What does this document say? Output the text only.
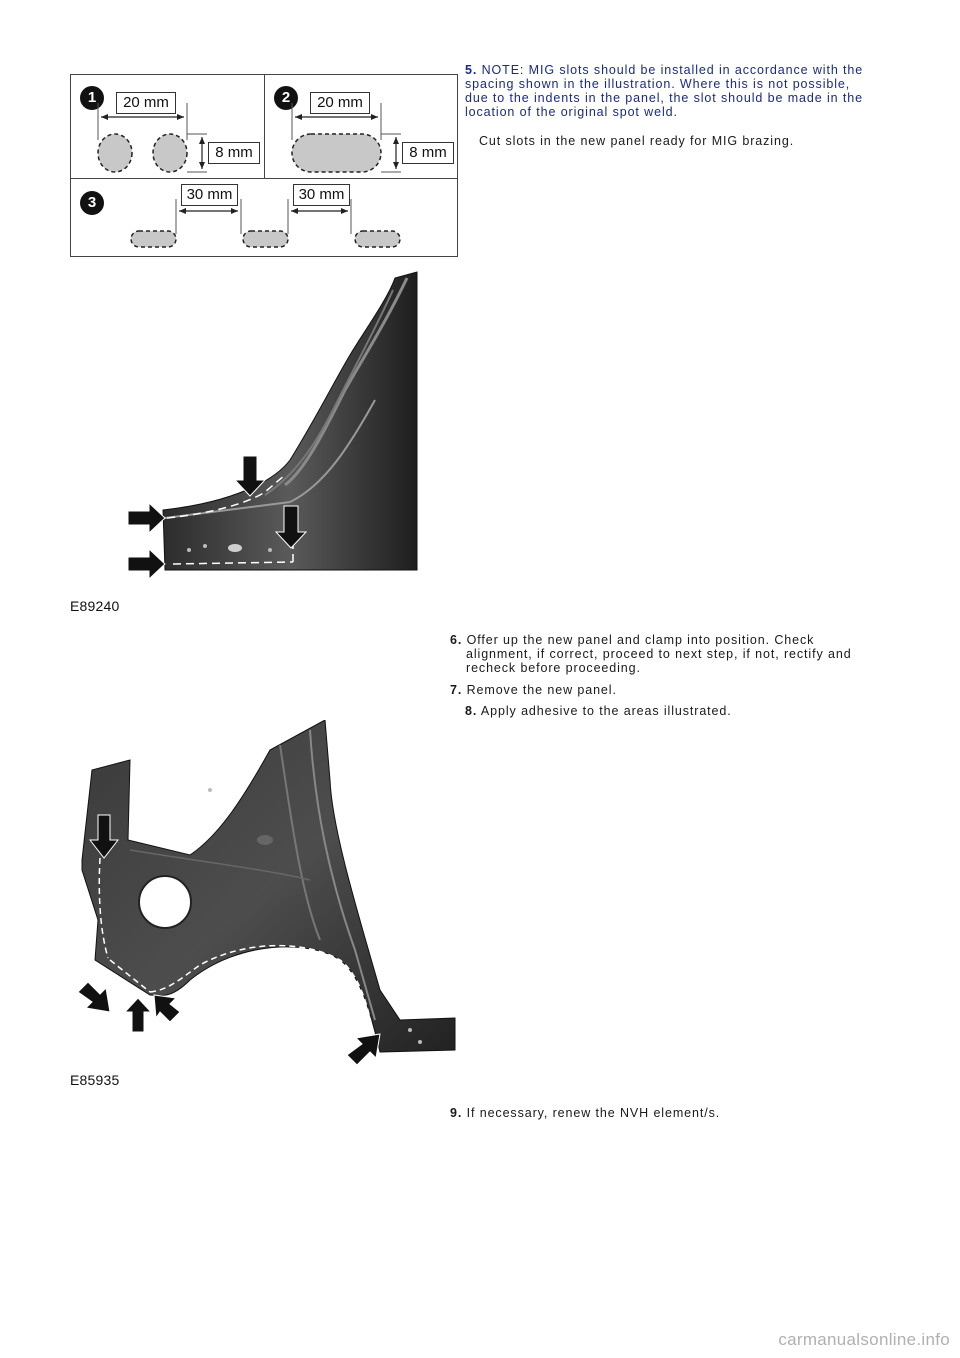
5. NOTE: MIG slots should be installed in accordance with the
spacing shown in the illustration. Where this is not possible,
due to the indents in the panel, the slot should be made in the
location of the original spot weld.
Cut slots in the new panel ready for MIG brazing.
1	20 mm
8 mm
2	20 mm
8 mm
3	30 mm	30 mm
E89240
6. Offer up the new panel and clamp into position. Check
alignment, if correct, proceed to next step, if not, rectify and
recheck before proceeding.
7. Remove the new panel.
8. Apply adhesive to the areas illustrated.
E85935
9. If necessary, renew the NVH element/s.
carmanualsonline.info
